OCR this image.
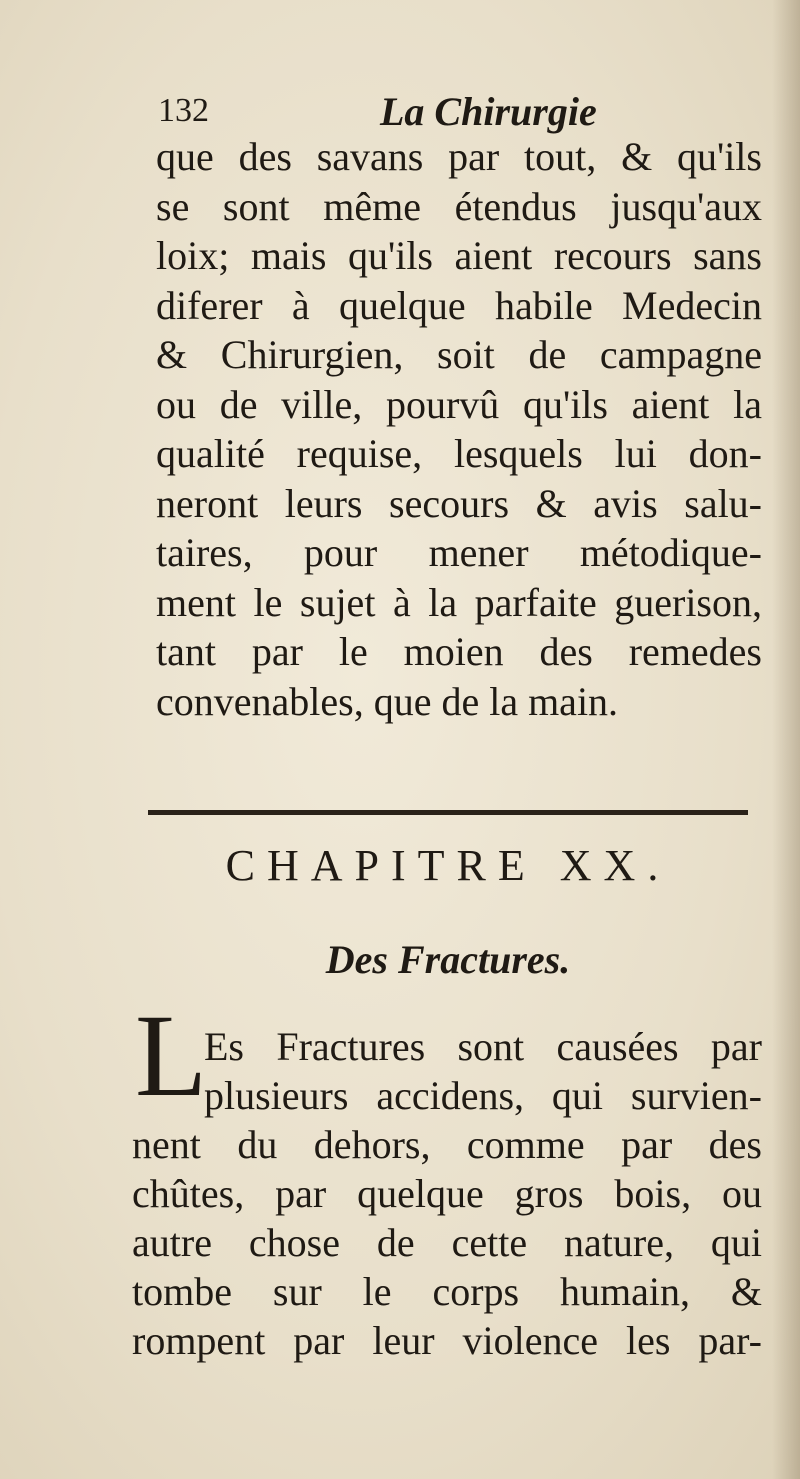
132	La Chirurgie
que des savans par tout, & qu'ils
se sont même étendus jusqu'aux
loix; mais qu'ils aient recours sans
diferer à quelque habile Medecin
& Chirurgien, soit de campagne
ou de ville, pourvû qu'ils aient la
qualité requise, lesquels lui don-
neront leurs secours & avis salu-
taires, pour mener métodique-
ment le sujet à la parfaite guerison,
tant par le moien des remedes
convenables, que de la main.
CHAPITRE XX.
Des Fractures.
L
Es Fractures sont causées par
plusieurs accidens, qui survien-
nent du dehors, comme par des
chûtes, par quelque gros bois, ou
autre chose de cette nature, qui
tombe sur le corps humain, &
rompent par leur violence les par-
